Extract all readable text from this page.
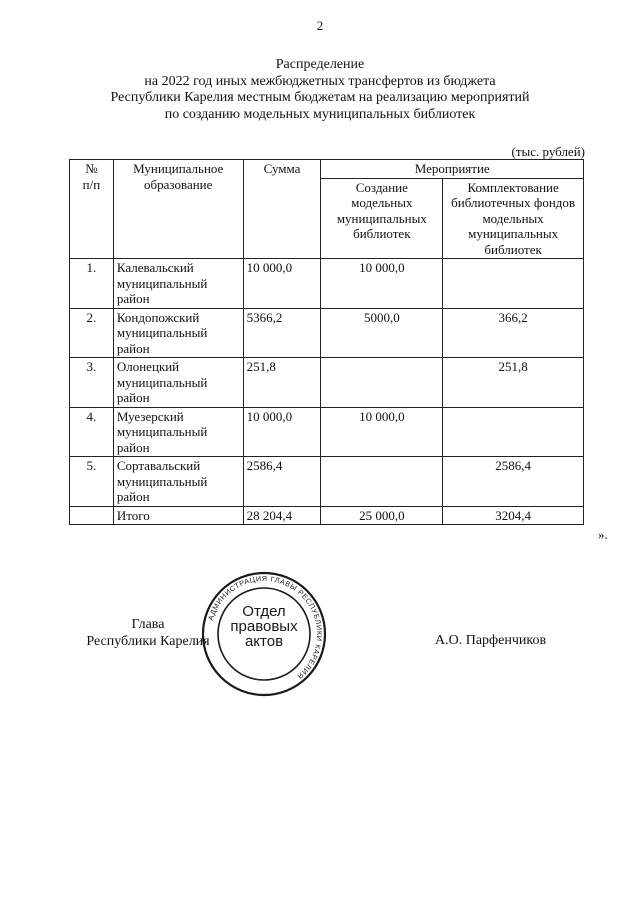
2
Распределение
на 2022 год иных межбюджетных трансфертов из бюджета
Республики Карелия местным бюджетам на реализацию мероприятий
по созданию модельных муниципальных библиотек
(тыс. рублей)
№
п/п	Муниципальное образование	Сумма	Мероприятие	
			Создание модельных муниципальных библиотек	Комплектование библиотечных фондов модельных муниципальных библиотек
1.	Калевальский муниципальный район	10 000,0	10 000,0	
2.	Кондопожский муниципальный район	5366,2	5000,0	366,2
3.	Олонецкий муниципальный район	251,8		251,8
4.	Муезерский муниципальный район	10 000,0	10 000,0	
5.	Сортавальский муниципальный район	2586,4		2586,4
	Итого	28 204,4	25 000,0	3204,4
».
Глава
Республики Карелия	А.О. Парфенчиков
АДМИНИСТРАЦИЯ ГЛАВЫ РЕСПУБЛИКИ КАРЕЛИЯ
Отдел
правовых
актов
